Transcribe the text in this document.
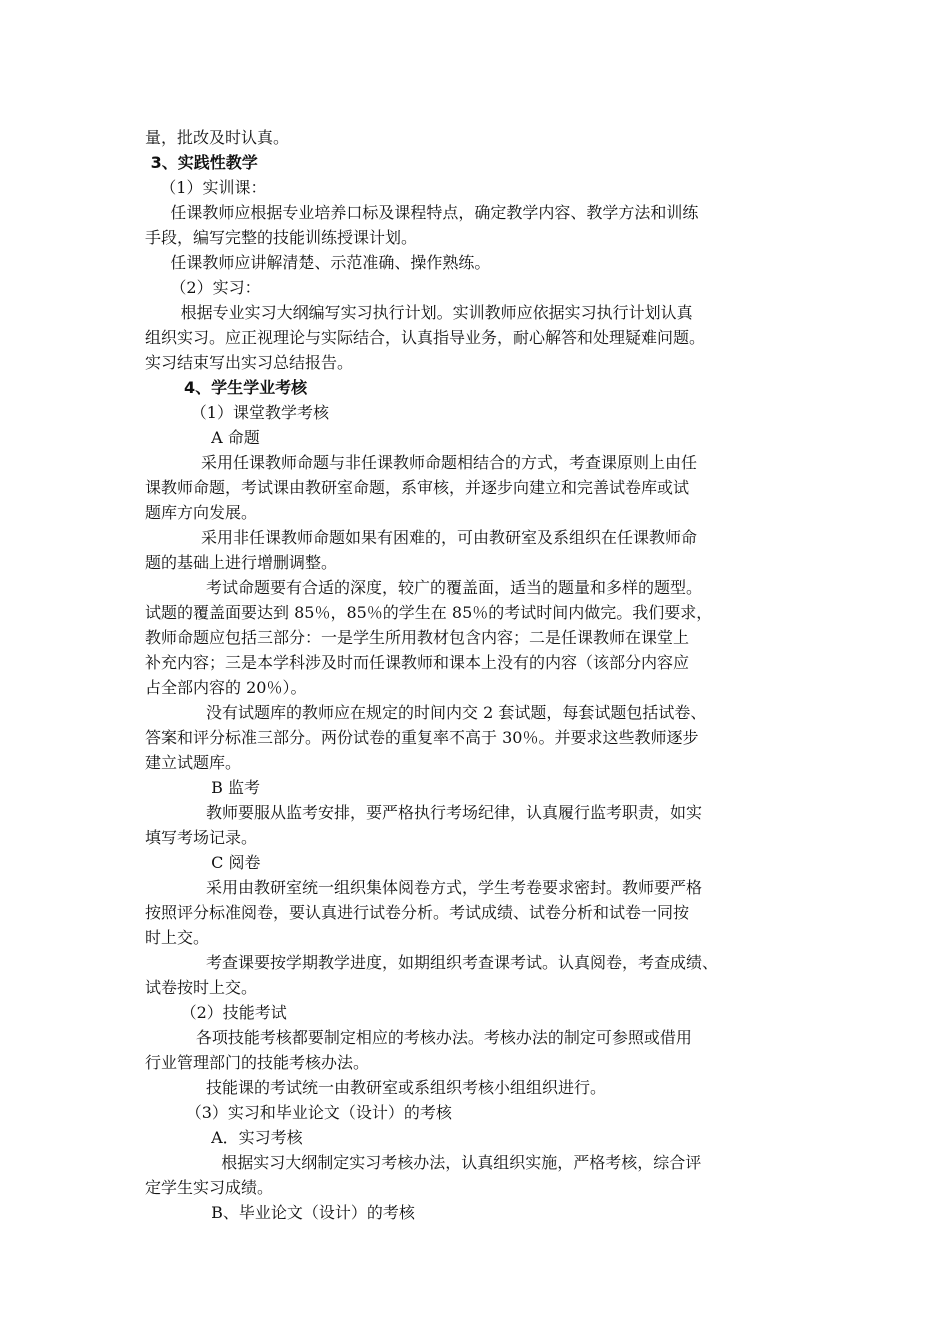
量，批改及时认真。
3、实践性教学
（1）实训课：
任课教师应根据专业培养口标及课程特点，确定教学内容、教学方法和训练
手段，编写完整的技能训练授课计划。
任课教师应讲解清楚、示范准确、操作熟练。
（2）实习：
根据专业实习大纲编写实习执行计划。实训教师应依据实习执行计划认真
组织实习。应正视理论与实际结合，认真指导业务，耐心解答和处理疑难问题。
实习结束写出实习总结报告。
4、学生学业考核
（1）课堂教学考核
A 命题
采用任课教师命题与非任课教师命题相结合的方式，考查课原则上由任
课教师命题，考试课由教研室命题，系审核，并逐步向建立和完善试卷库或试
题库方向发展。
采用非任课教师命题如果有困难的，可由教研室及系组织在任课教师命
题的基础上进行增删调整。
考试命题要有合适的深度，较广的覆盖面，适当的题量和多样的题型。
试题的覆盖面要达到 85％，85％的学生在 85％的考试时间内做完。我们要求，
教师命题应包括三部分：一是学生所用教材包含内容；二是任课教师在课堂上
补充内容；三是本学科涉及时而任课教师和课本上没有的内容（该部分内容应
占全部内容的 20％）。
没有试题库的教师应在规定的时间内交 2 套试题，每套试题包括试卷、
答案和评分标准三部分。两份试卷的重复率不高于 30％。并要求这些教师逐步
建立试题库。
B 监考
教师要服从监考安排，要严格执行考场纪律，认真履行监考职责，如实
填写考场记录。
C 阅卷
采用由教研室统一组织集体阅卷方式，学生考卷要求密封。教师要严格
按照评分标准阅卷，要认真进行试卷分析。考试成绩、试卷分析和试卷一同按
时上交。
考查课要按学期教学进度，如期组织考查课考试。认真阅卷，考查成绩、
试卷按时上交。
（2）技能考试
各项技能考核都要制定相应的考核办法。考核办法的制定可参照或借用
行业管理部门的技能考核办法。
技能课的考试统一由教研室或系组织考核小组组织进行。
（3）实习和毕业论文（设计）的考核
A．实习考核
根据实习大纲制定实习考核办法，认真组织实施，严格考核，综合评
定学生实习成绩。
B、毕业论文（设计）的考核
